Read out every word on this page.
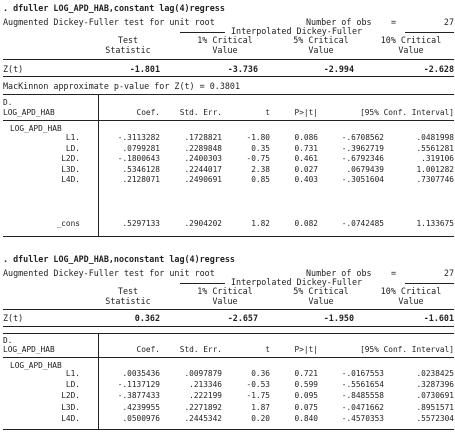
. dfuller LOG_APD_HAB,constant lag(4)regress
Augmented Dickey-Fuller test for unit root	Number of obs =	27
Interpolated Dickey-Fuller
Test
Statistic
1% Critical
Value
5% Critical
Value
10% Critical
Value
Z(t)	-1.801	-3.736	-2.994	-2.628
MacKinnon approximate p-value for Z(t) = 0.3801
D.
LOG_APD_HAB	Coef.	Std. Err.	t	P>|t|	[95% Conf. Interval]
LOG_APD_HAB
L1.	-.3113282	.1728821	-1.80	0.086	-.6708562	.0481998
LD.	.0799281	.2289848	0.35	0.731	-.3962719	.5561281
L2D.	-.1800643	.2400303	-0.75	0.461	-.6792346	.319106
L3D.	.5346128	.2244017	2.38	0.027	.0679439	1.001282
L4D.	.2128071	.2490691	0.85	0.403	-.3051604	.7307746
_cons	.5297133	.2904202	1.82	0.082	-.0742485	1.133675
. dfuller LOG_APD_HAB,noconstant lag(4)regress
Augmented Dickey-Fuller test for unit root	Number of obs =	27
Interpolated Dickey-Fuller
Test
Statistic
1% Critical
Value
5% Critical
Value
10% Critical
Value
Z(t)	0.362	-2.657	-1.950	-1.601
D.
LOG_APD_HAB	Coef.	Std. Err.	t	P>|t|	[95% Conf. Interval]
LOG_APD_HAB
L1.	.0035436	.0097879	0.36	0.721	-.0167553	.0238425
LD.	-.1137129	.213346	-0.53	0.599	-.5561654	.3287396
L2D.	-.3877433	.222199	-1.75	0.095	-.8485558	.0730691
L3D.	.4239955	.2271892	1.87	0.075	-.0471662	.8951571
L4D.	.0500976	.2445342	0.20	0.840	-.4570353	.5572304
